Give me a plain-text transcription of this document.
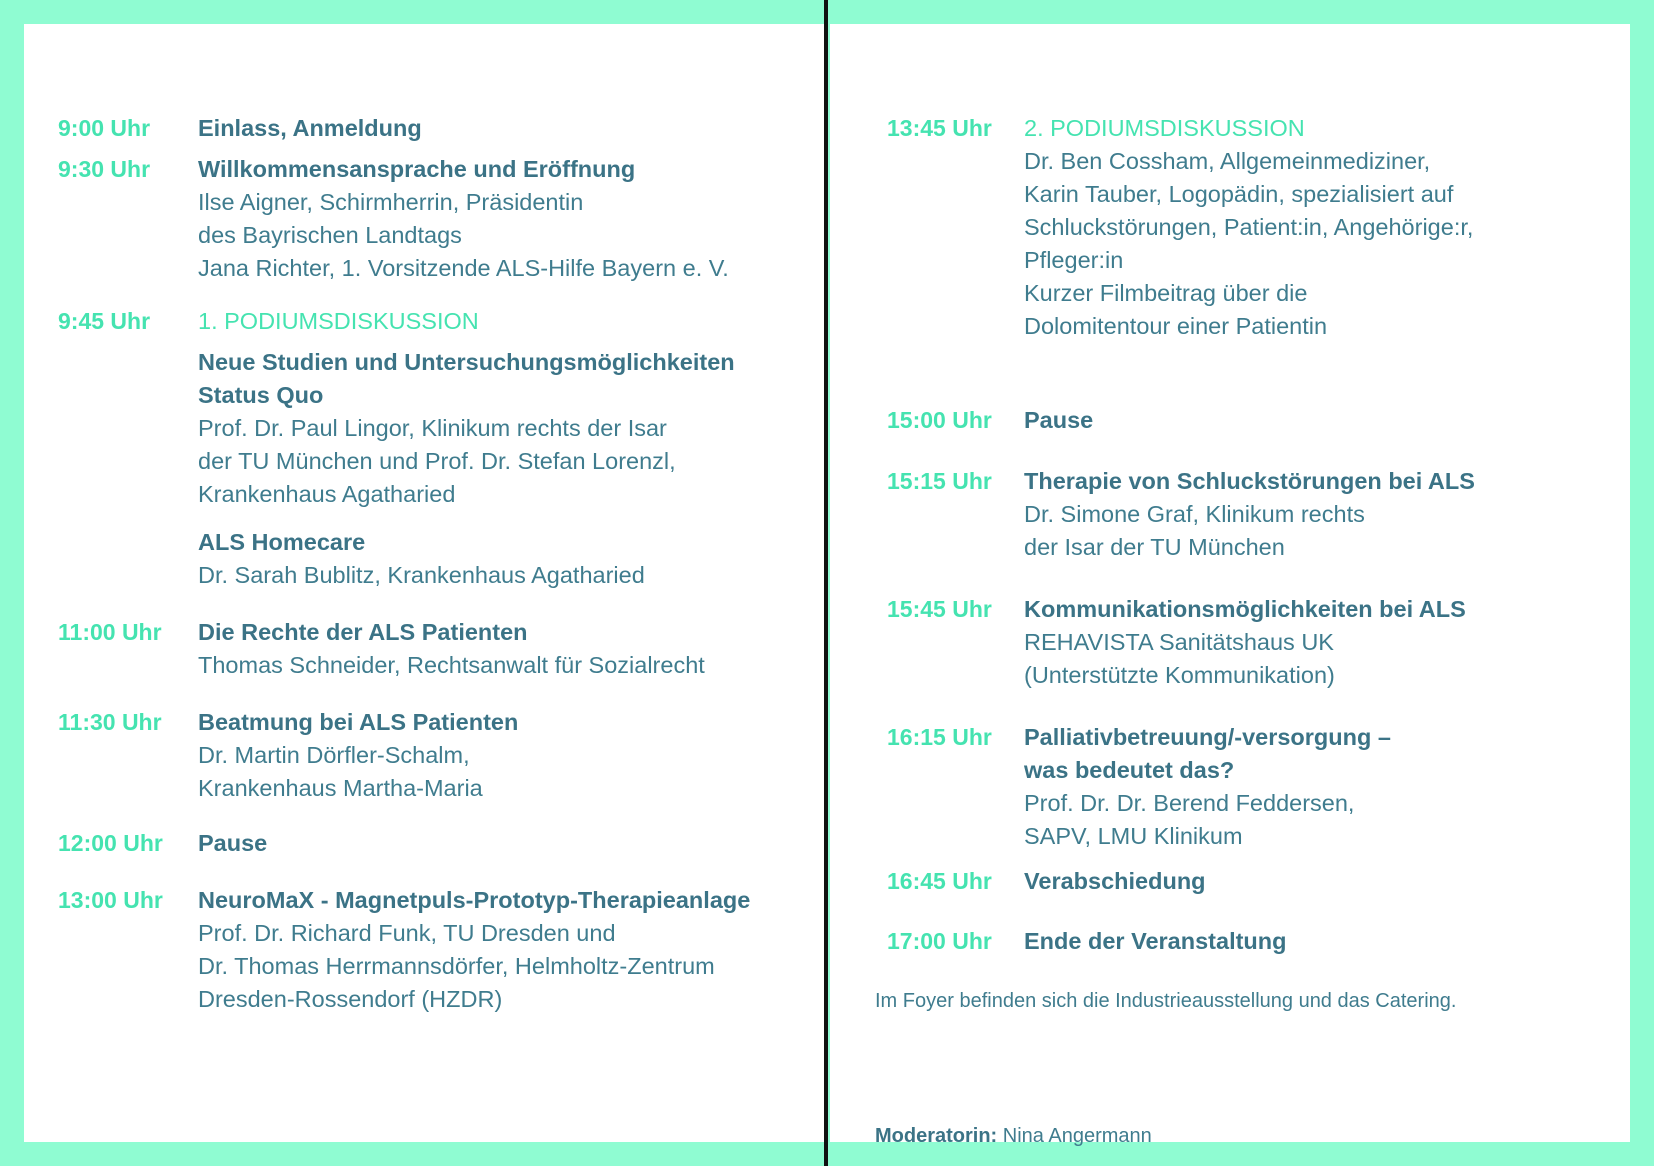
9:00 Uhr	Einlass, Anmeldung
9:30 Uhr	Willkommensansprache und Eröffnung
Ilse Aigner, Schirmherrin, Präsidentin
des Bayrischen Landtags
Jana Richter, 1. Vorsitzende ALS-Hilfe Bayern e. V.
9:45 Uhr	1. PODIUMSDISKUSSION
Neue Studien und Untersuchungsmöglichkeiten
Status Quo
Prof. Dr. Paul Lingor, Klinikum rechts der Isar
der TU München und Prof. Dr. Stefan Lorenzl,
Krankenhaus Agatharied
ALS Homecare
Dr. Sarah Bublitz, Krankenhaus Agatharied
11:00 Uhr	Die Rechte der ALS Patienten
Thomas Schneider, Rechtsanwalt für Sozialrecht
11:30 Uhr	Beatmung bei ALS Patienten
Dr. Martin Dörfler-Schalm,
Krankenhaus Martha-Maria
12:00 Uhr	Pause
13:00 Uhr	NeuroMaX - Magnetpuls-Prototyp-Therapieanlage
Prof. Dr. Richard Funk, TU Dresden und
Dr. Thomas Herrmannsdörfer, Helmholtz-Zentrum
Dresden-Rossendorf (HZDR)
13:45 Uhr	2. PODIUMSDISKUSSION
Dr. Ben Cossham, Allgemeinmediziner,
Karin Tauber, Logopädin, spezialisiert auf
Schluckstörungen, Patient:in, Angehörige:r,
Pfleger:in
Kurzer Filmbeitrag über die
Dolomitentour einer Patientin
15:00 Uhr	Pause
15:15 Uhr	Therapie von Schluckstörungen bei ALS
Dr. Simone Graf, Klinikum rechts
der Isar der TU München
15:45 Uhr	Kommunikationsmöglichkeiten bei ALS
REHAVISTA Sanitätshaus UK
(Unterstützte Kommunikation)
16:15 Uhr	Palliativbetreuung/-versorgung –
was bedeutet das?
Prof. Dr. Dr. Berend Feddersen,
SAPV, LMU Klinikum
16:45 Uhr	Verabschiedung
17:00 Uhr	Ende der Veranstaltung
Im Foyer befinden sich die Industrieausstellung und das Catering.
Moderatorin: Nina Angermann
